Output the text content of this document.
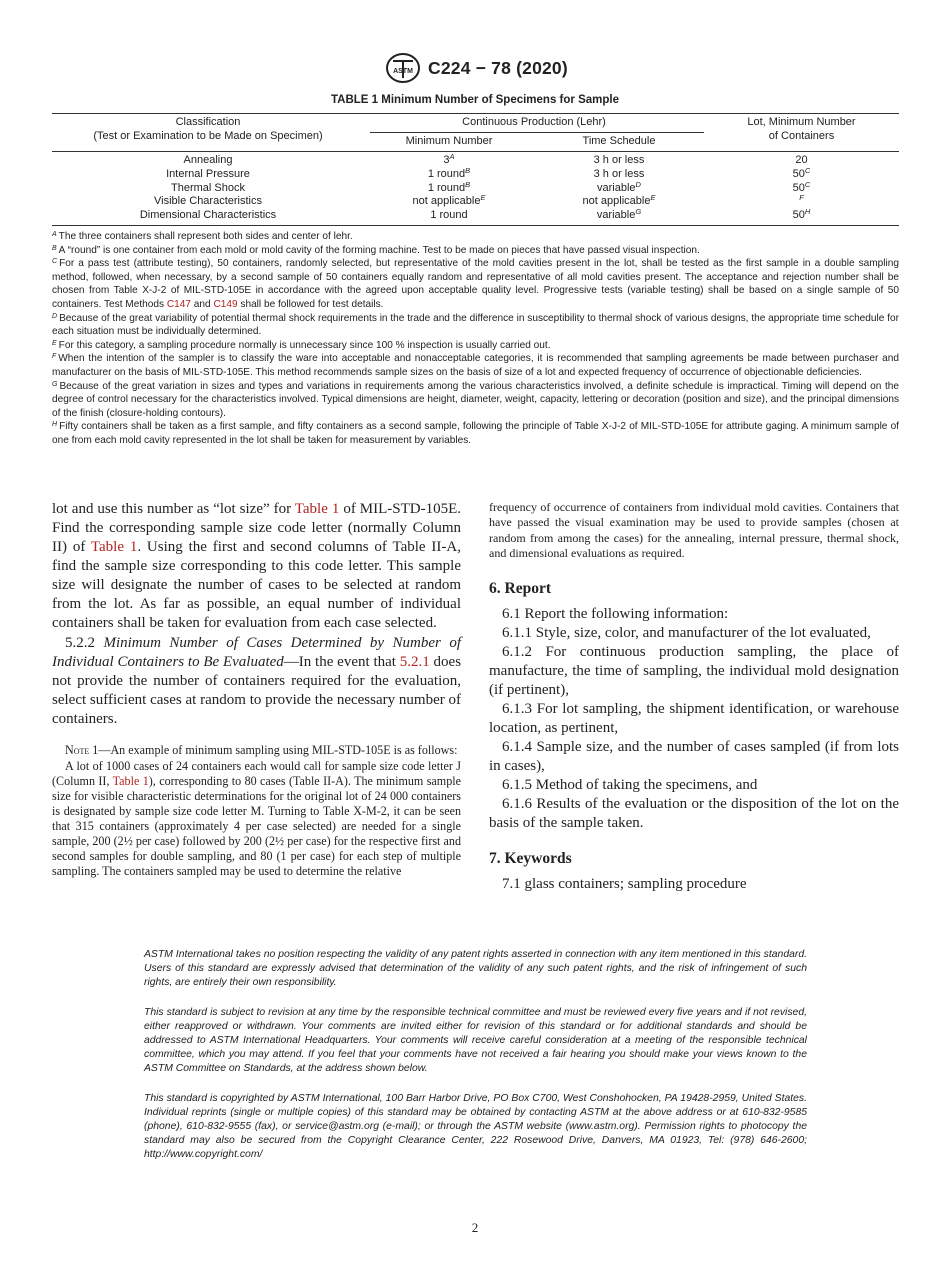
ASTM C224 − 78 (2020)
TABLE 1 Minimum Number of Specimens for Sample
Classification
(Test or Examination to be Made on Specimen)
Continuous Production (Lehr)
Minimum Number	Time Schedule
Lot, Minimum Number
of Containers
Annealing	$3^A$	3 h or less	20
Internal Pressure	1 round$^B$	3 h or less	$50^C$
Thermal Shock	1 round$^B$	variable$^D$	$50^C$
Visible Characteristics	not applicable$^E$	not applicable$^E$	$^F$
Dimensional Characteristics	1 round	variable$^G$	$50^H$

$^A$ The three containers shall represent both sides and center of lehr.

$^B$ A “round” is one container from each mold or mold cavity of the forming machine. Test to be made on pieces that have passed visual inspection.

$^C$ For a pass test (attribute testing), 50 containers, randomly selected, but representative of the mold cavities present in the lot, shall be tested as the first sample in a double sampling method, followed, when necessary, by a second sample of 50 containers equally random and representative of all mold cavities present. The acceptance and rejection number shall be chosen from Table X-J-2 of MIL-STD-105E in accordance with the agreed upon acceptable quality level. Progressive tests (variable testing) shall be based on a single sample of 50 containers. Test Methods C147 and C149 shall be followed for test details.

$^D$ Because of the great variability of potential thermal shock requirements in the trade and the difference in susceptibility to thermal shock of various designs, the appropriate time schedule for each situation must be individually determined.

$^E$ For this category, a sampling procedure normally is unnecessary since 100 % inspection is usually carried out.

$^F$ When the intention of the sampler is to classify the ware into acceptable and nonacceptable categories, it is recommended that sampling agreements be made between purchaser and manufacturer on the basis of MIL-STD-105E. This method recommends sample sizes on the basis of size of a lot and expected frequency of occurrence of objectionable deficiencies.

$^G$ Because of the great variation in sizes and types and variations in requirements among the various characteristics involved, a definite schedule is impractical. Timing will depend on the degree of control necessary for the characteristics involved. Typical dimensions are height, diameter, weight, capacity, lettering or decoration (position and size), and the principal dimensions of the finish (closure-holding contours).

$^H$ Fifty containers shall be taken as a first sample, and fifty containers as a second sample, following the principle of Table X-J-2 of MIL-STD-105E for attribute gaging. A minimum sample of one from each mold cavity represented in the lot shall be taken for measurement by variables.

lot and use this number as “lot size” for Table 1 of MIL-STD-105E. Find the corresponding sample size code letter (normally Column II) of Table 1. Using the first and second columns of Table II-A, find the sample size corresponding to this code letter. This sample size will designate the number of cases to be selected at random from the lot. As far as possible, an equal number of individual containers shall be taken for evaluation from each case selected.

5.2.2 Minimum Number of Cases Determined by Number of Individual Containers to Be Evaluated—In the event that 5.2.1 does not provide the number of containers required for the evaluation, select sufficient cases at random to provide the necessary number of containers.

Note 1—An example of minimum sampling using MIL-STD-105E is as follows:

A lot of 1000 cases of 24 containers each would call for sample size code letter J (Column II, Table 1), corresponding to 80 cases (Table II-A). The minimum sample size for visible characteristic determinations for the original lot of 24 000 containers is designated by sample size code letter M. Turning to Table X-M-2, it can be seen that 315 containers (approximately 4 per case selected) are needed for a single sample, 200 (2½ per case) followed by 200 (2½ per case) for the respective first and second samples for double sampling, and 80 (1 per case) for each step of multiple sampling. The containers sampled may be used to determine the relative

frequency of occurrence of containers from individual mold cavities. Containers that have passed the visual examination may be used to provide samples (chosen at random from among the cases) for the annealing, internal pressure, thermal shock, and dimensional evaluations as required.

6. Report

6.1 Report the following information:

6.1.1 Style, size, color, and manufacturer of the lot evaluated,

6.1.2 For continuous production sampling, the place of manufacture, the time of sampling, the individual mold designation (if pertinent),

6.1.3 For lot sampling, the shipment identification, or warehouse location, as pertinent,

6.1.4 Sample size, and the number of cases sampled (if from lots in cases),

6.1.5 Method of taking the specimens, and

6.1.6 Results of the evaluation or the disposition of the lot on the basis of the sample taken.

7. Keywords

7.1 glass containers; sampling procedure

ASTM International takes no position respecting the validity of any patent rights asserted in connection with any item mentioned in this standard. Users of this standard are expressly advised that determination of the validity of any such patent rights, and the risk of infringement of such rights, are entirely their own responsibility.

This standard is subject to revision at any time by the responsible technical committee and must be reviewed every five years and if not revised, either reapproved or withdrawn. Your comments are invited either for revision of this standard or for additional standards and should be addressed to ASTM International Headquarters. Your comments will receive careful consideration at a meeting of the responsible technical committee, which you may attend. If you feel that your comments have not received a fair hearing you should make your views known to the ASTM Committee on Standards, at the address shown below.

This standard is copyrighted by ASTM International, 100 Barr Harbor Drive, PO Box C700, West Conshohocken, PA 19428-2959, United States. Individual reprints (single or multiple copies) of this standard may be obtained by contacting ASTM at the above address or at 610-832-9585 (phone), 610-832-9555 (fax), or service@astm.org (e-mail); or through the ASTM website (www.astm.org). Permission rights to photocopy the standard may also be secured from the Copyright Clearance Center, 222 Rosewood Drive, Danvers, MA 01923, Tel: (978) 646-2600; http://www.copyright.com/

2
